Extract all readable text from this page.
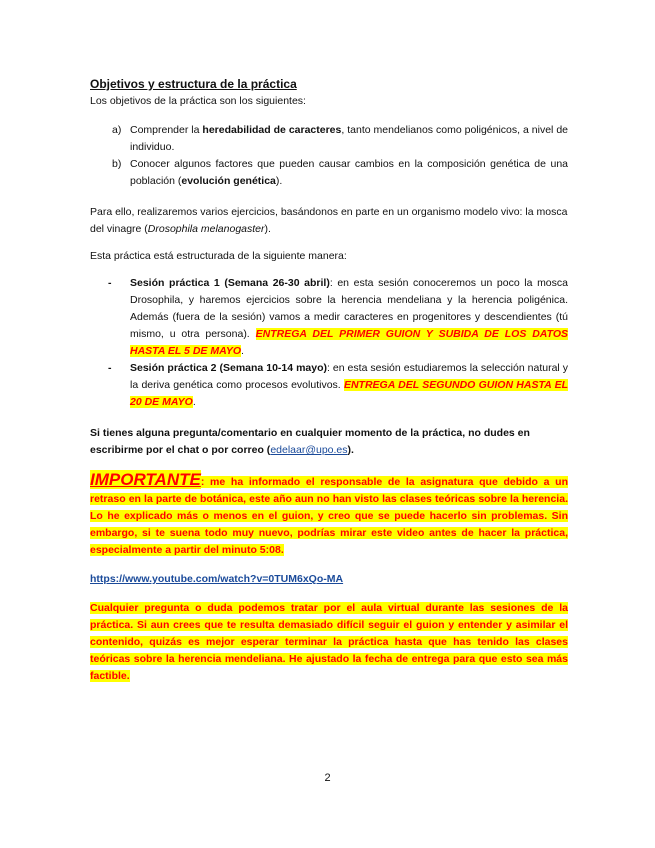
Objetivos y estructura de la práctica

Los objetivos de la práctica son los siguientes:

a) Comprender la heredabilidad de caracteres, tanto mendelianos como poligénicos, a nivel de individuo.
b) Conocer algunos factores que pueden causar cambios en la composición genética de una población (evolución genética).

Para ello, realizaremos varios ejercicios, basándonos en parte en un organismo modelo vivo: la mosca del vinagre (Drosophila melanogaster).

Esta práctica está estructurada de la siguiente manera:

- Sesión práctica 1 (Semana 26-30 abril): en esta sesión conoceremos un poco la mosca Drosophila, y haremos ejercicios sobre la herencia mendeliana y la herencia poligénica. Además (fuera de la sesión) vamos a medir caracteres en progenitores y descendientes (tú mismo, u otra persona). ENTREGA DEL PRIMER GUION Y SUBIDA DE LOS DATOS HASTA EL 5 DE MAYO.
- Sesión práctica 2 (Semana 10-14 mayo): en esta sesión estudiaremos la selección natural y la deriva genética como procesos evolutivos. ENTREGA DEL SEGUNDO GUION HASTA EL 20 DE MAYO.

Si tienes alguna pregunta/comentario en cualquier momento de la práctica, no dudes en escribirme por el chat o por correo (edelaar@upo.es).

IMPORTANTE: me ha informado el responsable de la asignatura que debido a un retraso en la parte de botánica, este año aun no han visto las clases teóricas sobre la herencia. Lo he explicado más o menos en el guion, y creo que se puede hacerlo sin problemas. Sin embargo, si te suena todo muy nuevo, podrías mirar este video antes de hacer la práctica, especialmente a partir del minuto 5:08.

https://www.youtube.com/watch?v=0TUM6xQo-MA

Cualquier pregunta o duda podemos tratar por el aula virtual durante las sesiones de la práctica. Si aun crees que te resulta demasiado difícil seguir el guion y entender y asimilar el contenido, quizás es mejor esperar terminar la práctica hasta que has tenido las clases teóricas sobre la herencia mendeliana. He ajustado la fecha de entrega para que esto sea más factible.

2
